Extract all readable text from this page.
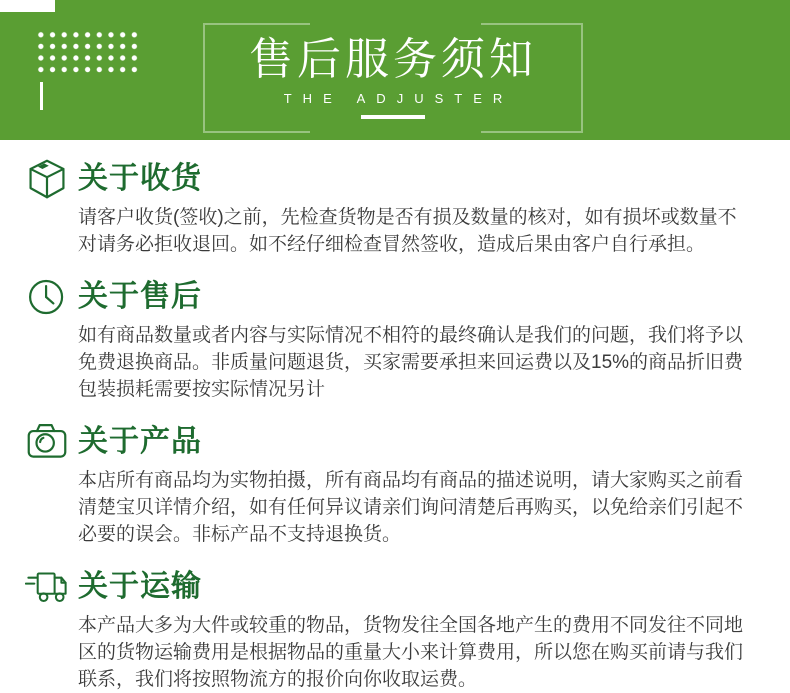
售后服务须知
THE ADJUSTER
关于收货

请客户收货(签收)之前，先检查货物是否有损及数量的核对，如有损坏或数量不对请务必拒收退回。如不经仔细检查冒然签收，造成后果由客户自行承担。

关于售后

如有商品数量或者内容与实际情况不相符的最终确认是我们的问题，我们将予以免费退换商品。非质量问题退货，买家需要承担来回运费以及15%的商品折旧费包装损耗需要按实际情况另计

关于产品

本店所有商品均为实物拍摄，所有商品均有商品的描述说明，请大家购买之前看清楚宝贝详情介绍，如有任何异议请亲们询问清楚后再购买，以免给亲们引起不必要的误会。非标产品不支持退换货。

关于运输

本产品大多为大件或较重的物品，货物发往全国各地产生的费用不同发往不同地区的货物运输费用是根据物品的重量大小来计算费用，所以您在购买前请与我们联系，我们将按照物流方的报价向你收取运费。
